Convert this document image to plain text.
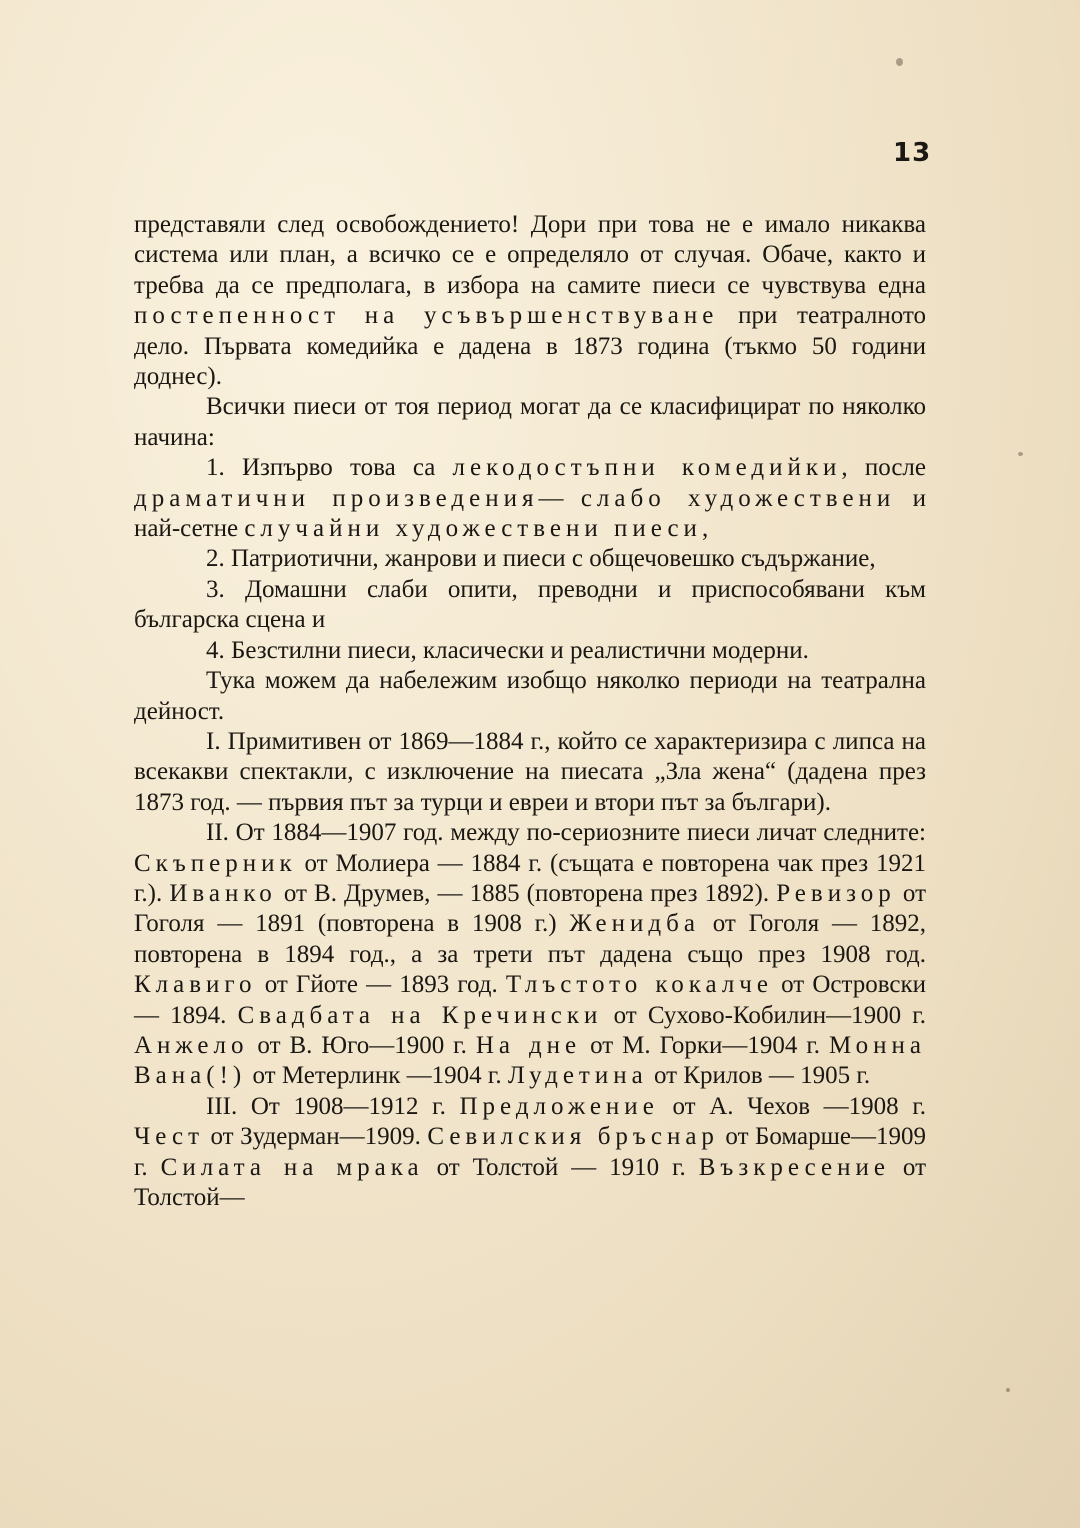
13

представяли след освобождението! Дори при това не е имало никаква система или план, а всичко се е определяло от случая. Обаче, както и требва да се предполага, в избора на самите пиеси се чувствува една постепенност на усъвършенствуване при театралното дело. Първата комедийка е дадена в 1873 година (тъкмо 50 години доднес).

Всички пиеси от тоя период могат да се класифицират по няколко начина:

1. Изпърво това са лекодостъпни комедийки, после драматични произведения— слабо художествени и най-сетне случайни художествени пиеси,

2. Патриотични, жанрови и пиеси с общечовешко съдържание,

3. Домашни слаби опити, преводни и приспособявани към българска сцена и

4. Безстилни пиеси, класически и реалистични модерни.

Тука можем да набележим изобщо няколко периоди на театрална дейност.

I. Примитивен от 1869—1884 г., който се характеризира с липса на всекакви спектакли, с изключение на пиесата „Зла жена“ (дадена през 1873 год. — първия път за турци и евреи и втори път за българи).

II. От 1884—1907 год. между по-сериозните пиеси личат следните: Скъперник от Молиера — 1884 г. (същата е повторена чак през 1921 г.). Иванко от В. Друмев, — 1885 (повторена през 1892). Ревизор от Гоголя — 1891 (повторена в 1908 г.) Женидба от Гоголя — 1892, повторена в 1894 год., а за трети път дадена също през 1908 год. Клавиго от Гйоте — 1893 год. Тлъстото кокалче от Островски — 1894. Свадбата на Кречински от Сухово-Кобилин—1900 г. Анжело от В. Юго—1900 г. На дне от М. Горки—1904 г. Монна Вана(!) от Метерлинк —1904 г. Лудетина от Крилов — 1905 г.

III. От 1908—1912 г. Предложение от А. Чехов —1908 г. Чест от Зудерман—1909. Севилския бръснар от Бомарше—1909 г. Силата на мрака от Толстой — 1910 г. Възкресение от Толстой—
